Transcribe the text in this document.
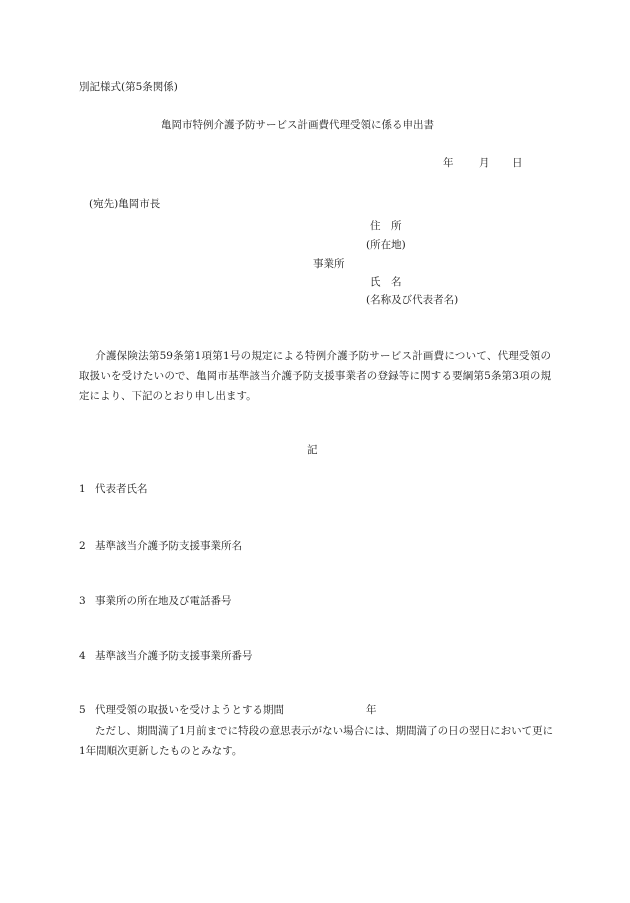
別記様式(第5条関係)
亀岡市特例介護予防サービス計画費代理受領に係る申出書
年 月 日
(宛先)亀岡市長
住　所
(所在地)
事業所
氏　名
(名称及び代表者名)
介護保険法第59条第1項第1号の規定による特例介護予防サービス計画費について、代理受領の取扱いを受けたいので、亀岡市基準該当介護予防支援事業者の登録等に関する要綱第5条第3項の規定により、下記のとおり申し出ます。
記
1 代表者氏名
2 基準該当介護予防支援事業所名
3 事業所の所在地及び電話番号
4 基準該当介護予防支援事業所番号
5 代理受領の取扱いを受けようとする期間	年
ただし、期間満了1月前までに特段の意思表示がない場合には、期間満了の日の翌日において更に1年間順次更新したものとみなす。
